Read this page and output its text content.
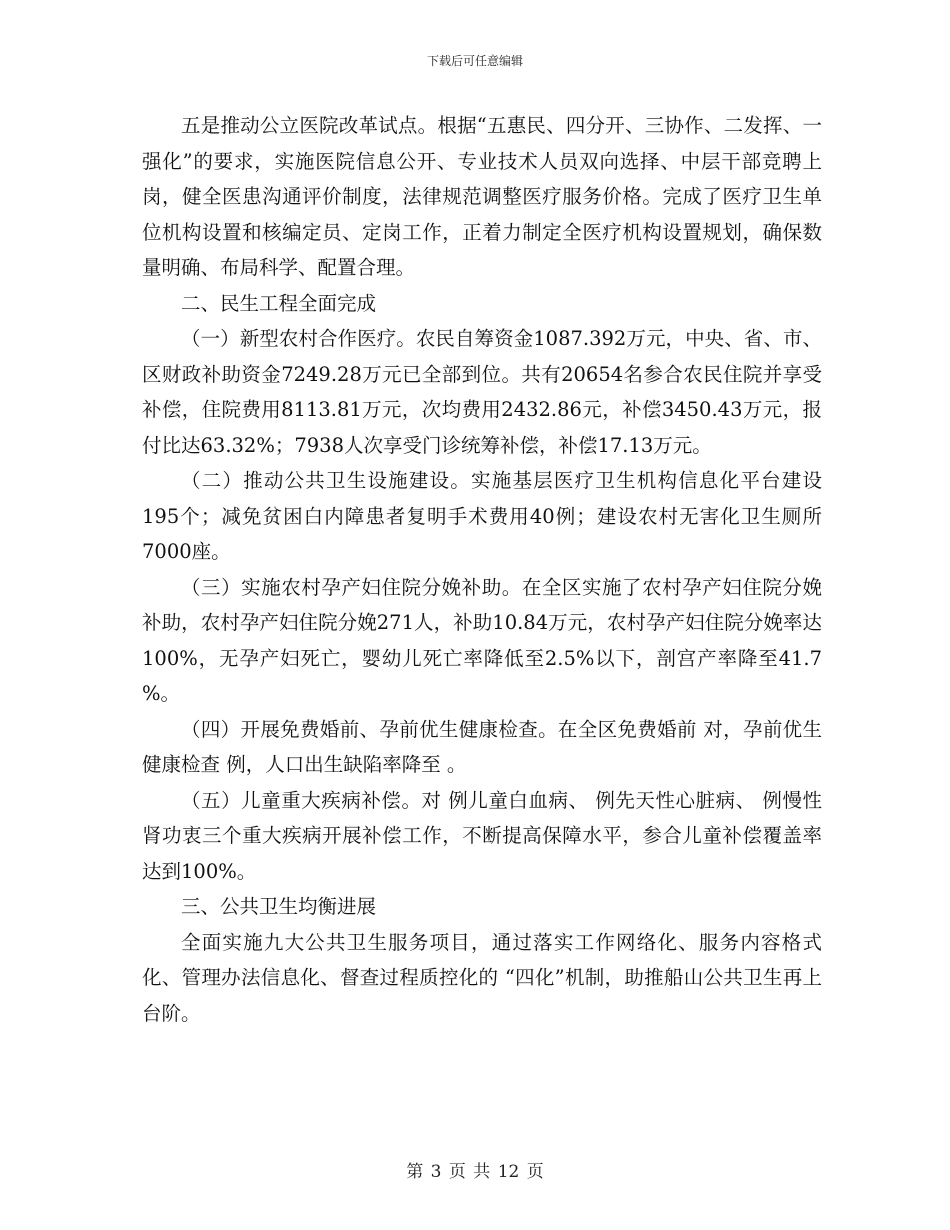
下载后可任意编辑

五是推动公立医院改革试点。根据“五惠民、四分开、三协作、二发挥、一强化”的要求，实施医院信息公开、专业技术人员双向选择、中层干部竞聘上岗，健全医患沟通评价制度，法律规范调整医疗服务价格。完成了医疗卫生单位机构设置和核编定员、定岗工作，正着力制定全医疗机构设置规划，确保数量明确、布局科学、配置合理。

二、民生工程全面完成

（一）新型农村合作医疗。农民自筹资金1087.392万元，中央、省、市、区财政补助资金7249.28万元已全部到位。共有20654名参合农民住院并享受补偿，住院费用8113.81万元，次均费用2432.86元，补偿3450.43万元，报付比达63.32%；7938人次享受门诊统筹补偿，补偿17.13万元。

（二）推动公共卫生设施建设。实施基层医疗卫生机构信息化平台建设195个；减免贫困白内障患者复明手术费用40例；建设农村无害化卫生厕所7000座。

（三）实施农村孕产妇住院分娩补助。在全区实施了农村孕产妇住院分娩补助，农村孕产妇住院分娩271人，补助10.84万元，农村孕产妇住院分娩率达100%，无孕产妇死亡，婴幼儿死亡率降低至2.5%以下，剖宫产率降至41.7 %。

（四）开展免费婚前、孕前优生健康检查。在全区免费婚前 对，孕前优生健康检查 例，人口出生缺陷率降至 。

（五）儿童重大疾病补偿。对 例儿童白血病、 例先天性心脏病、 例慢性肾功衷三个重大疾病开展补偿工作，不断提高保障水平，参合儿童补偿覆盖率达到100%。

三、公共卫生均衡进展

全面实施九大公共卫生服务项目，通过落实工作网络化、服务内容格式化、管理办法信息化、督查过程质控化的 “四化”机制，助推船山公共卫生再上台阶。

第 3 页 共 12 页
